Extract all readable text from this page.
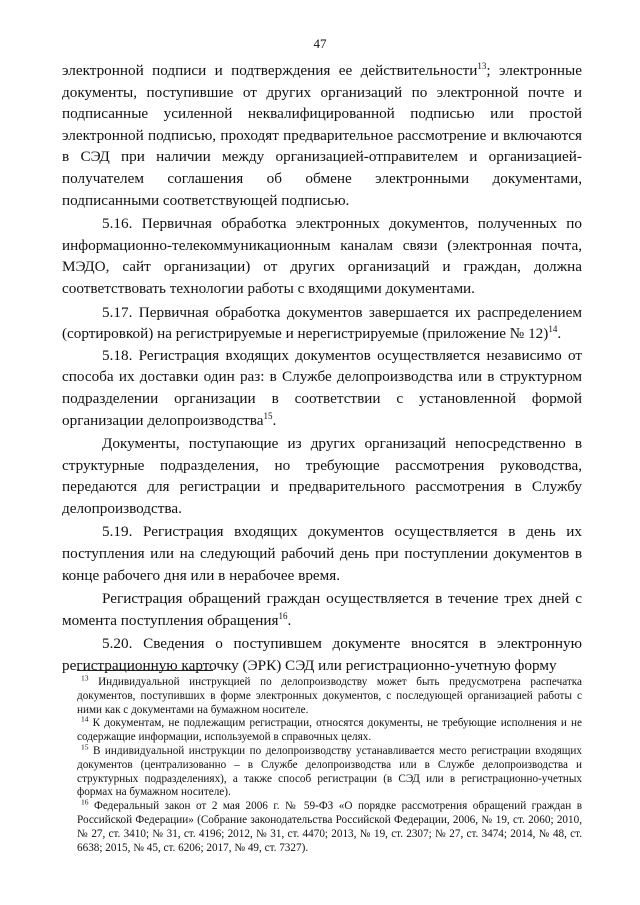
47

электронной подписи и подтверждения ее действительности$^{13}$; электронные документы, поступившие от других организаций по электронной почте и подписанные усиленной неквалифицированной подписью или простой электронной подписью, проходят предварительное рассмотрение и включаются в СЭД при наличии между организацией-отправителем и организацией-получателем соглашения об обмене электронными документами, подписанными соответствующей подписью.

5.16. Первичная обработка электронных документов, полученных по информационно-телекоммуникационным каналам связи (электронная почта, МЭДО, сайт организации) от других организаций и граждан, должна соответствовать технологии работы с входящими документами.

5.17. Первичная обработка документов завершается их распределением (сортировкой) на регистрируемые и нерегистрируемые (приложение № 12)$^{14}$.

5.18. Регистрация входящих документов осуществляется независимо от способа их доставки один раз: в Службе делопроизводства или в структурном подразделении организации в соответствии с установленной формой организации делопроизводства$^{15}$.

Документы, поступающие из других организаций непосредственно в структурные подразделения, но требующие рассмотрения руководства, передаются для регистрации и предварительного рассмотрения в Службу делопроизводства.

5.19. Регистрация входящих документов осуществляется в день их поступления или на следующий рабочий день при поступлении документов в конце рабочего дня или в нерабочее время.

Регистрация обращений граждан осуществляется в течение трех дней с момента поступления обращения$^{16}$.

5.20. Сведения о поступившем документе вносятся в электронную регистрационную карточку (ЭРК) СЭД или регистрационно-учетную форму

$^{13}$ Индивидуальной инструкцией по делопроизводству может быть предусмотрена распечатка документов, поступивших в форме электронных документов, с последующей организацией работы с ними как с документами на бумажном носителе.

$^{14}$ К документам, не подлежащим регистрации, относятся документы, не требующие исполнения и не содержащие информации, используемой в справочных целях.

$^{15}$ В индивидуальной инструкции по делопроизводству устанавливается место регистрации входящих документов (централизованно – в Службе делопроизводства или в Службе делопроизводства и структурных подразделениях), а также способ регистрации (в СЭД или в регистрационно-учетных формах на бумажном носителе).

$^{16}$ Федеральный закон от 2 мая 2006 г. № 59-ФЗ «О порядке рассмотрения обращений граждан в Российской Федерации» (Собрание законодательства Российской Федерации, 2006, № 19, ст. 2060; 2010, № 27, ст. 3410; № 31, ст. 4196; 2012, № 31, ст. 4470; 2013, № 19, ст. 2307; № 27, ст. 3474; 2014, № 48, ст. 6638; 2015, № 45, ст. 6206; 2017, № 49, ст. 7327).
